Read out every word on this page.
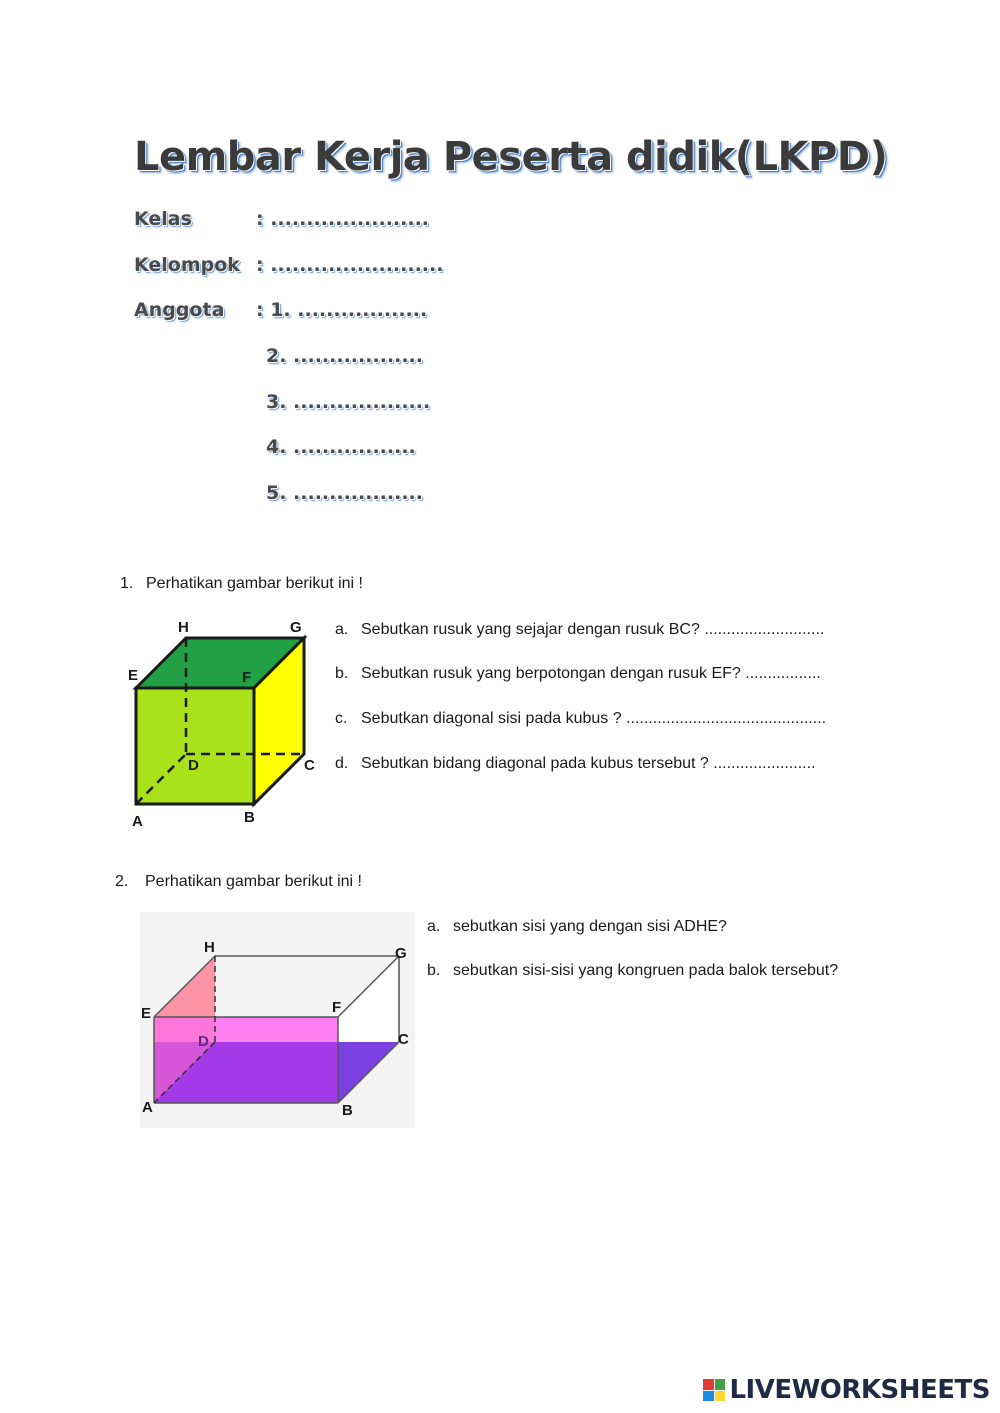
Lembar Kerja Peserta didik(LKPD)
Kelas	: ......................
Kelompok : ........................
Anggota : 1. ..................
2. ..................
3. ...................
4. .................
5. ..................
1. Perhatikan gambar berikut ini !
H	G
E	F
D	C
A	B
a. Sebutkan rusuk yang sejajar dengan rusuk BC? ...........................
b. Sebutkan rusuk yang berpotongan dengan rusuk EF? .................
c. Sebutkan diagonal sisi pada kubus ? .............................................
d. Sebutkan bidang diagonal pada kubus tersebut ? .......................
2. Perhatikan gambar berikut ini !
H	G
E	F
D	C
A	B
a. sebutkan sisi yang dengan sisi ADHE?
b. sebutkan sisi-sisi yang kongruen pada balok tersebut?
LIVEWORKSHEETS
